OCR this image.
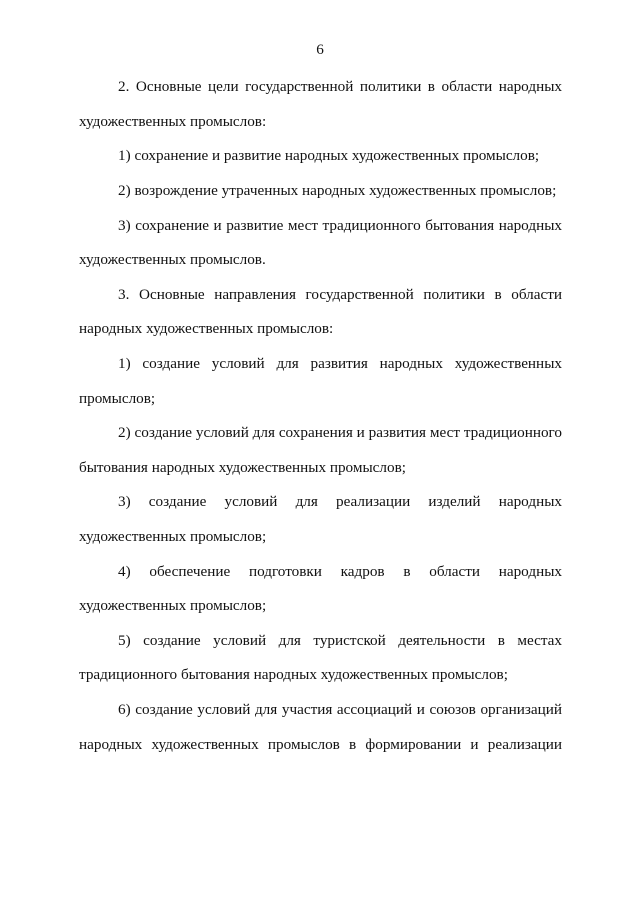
6

2. Основные цели государственной политики в области народных

художественных промыслов:

1) сохранение и развитие народных художественных промыслов;

2) возрождение утраченных народных художественных промыслов;

3) сохранение и развитие мест традиционного бытования народных

художественных промыслов.

3. Основные направления государственной политики в области

народных художественных промыслов:

1) создание условий для развития народных художественных

промыслов;

2) создание условий для сохранения и развития мест традиционного

бытования народных художественных промыслов;

3) создание условий для реализации изделий народных

художественных промыслов;

4) обеспечение подготовки кадров в области народных

художественных промыслов;

5) создание условий для туристской деятельности в местах

традиционного бытования народных художественных промыслов;

6) создание условий для участия ассоциаций и союзов организаций

народных художественных промыслов в формировании и реализации
